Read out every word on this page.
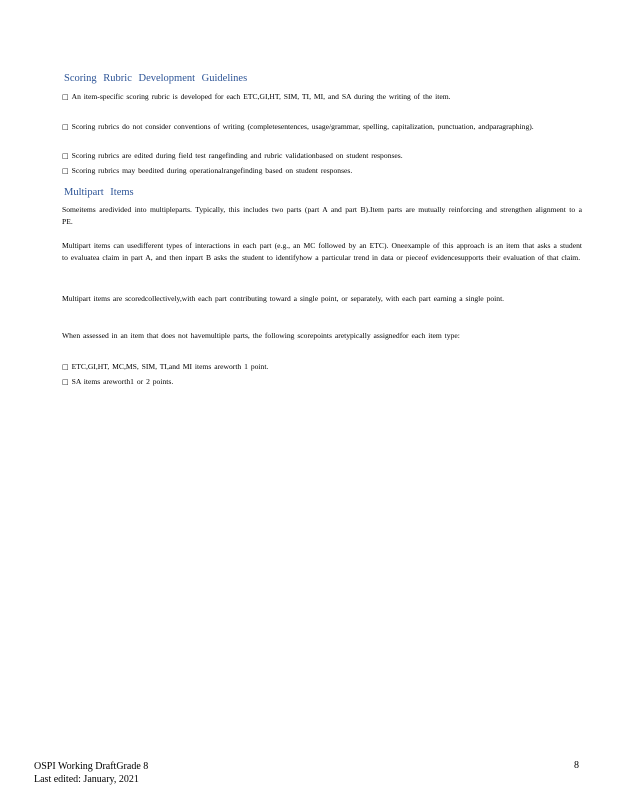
Scoring Rubric Development Guidelines
□ An item-specific scoring rubric is developed for each ETC,GI,HT, SIM, TI, MI, and SA during the writing of the item.
□ Scoring rubrics do not consider conventions of writing (completesentences, usage/grammar, spelling, capitalization, punctuation, andparagraphing).
□ Scoring rubrics are edited during field test rangefinding and rubric validationbased on student responses.
□ Scoring rubrics may beedited during operationalrangefinding based on student responses.
Multipart Items
Someitems aredivided into multipleparts. Typically, this includes two parts (part A and part B).Item parts are mutually reinforcing and strengthen alignment to a PE.
Multipart items can usedifferent types of interactions in each part (e.g., an MC followed by an ETC). Oneexample of this approach is an item that asks a student to evaluatea claim in part A, and then inpart B asks the student to identifyhow a particular trend in data or pieceof evidencesupports their evaluation of that claim.
Multipart items are scoredcollectively,with each part contributing toward a single point, or separately, with each part earning a single point.
When assessed in an item that does not havemultiple parts, the following scorepoints aretypically assignedfor each item type:
□ ETC,GI,HT, MC,MS, SIM, TI,and MI items areworth 1 point.
□ SA items areworth1 or 2 points.
OSPI Working DraftGrade 8
Last edited: January, 2021
8
